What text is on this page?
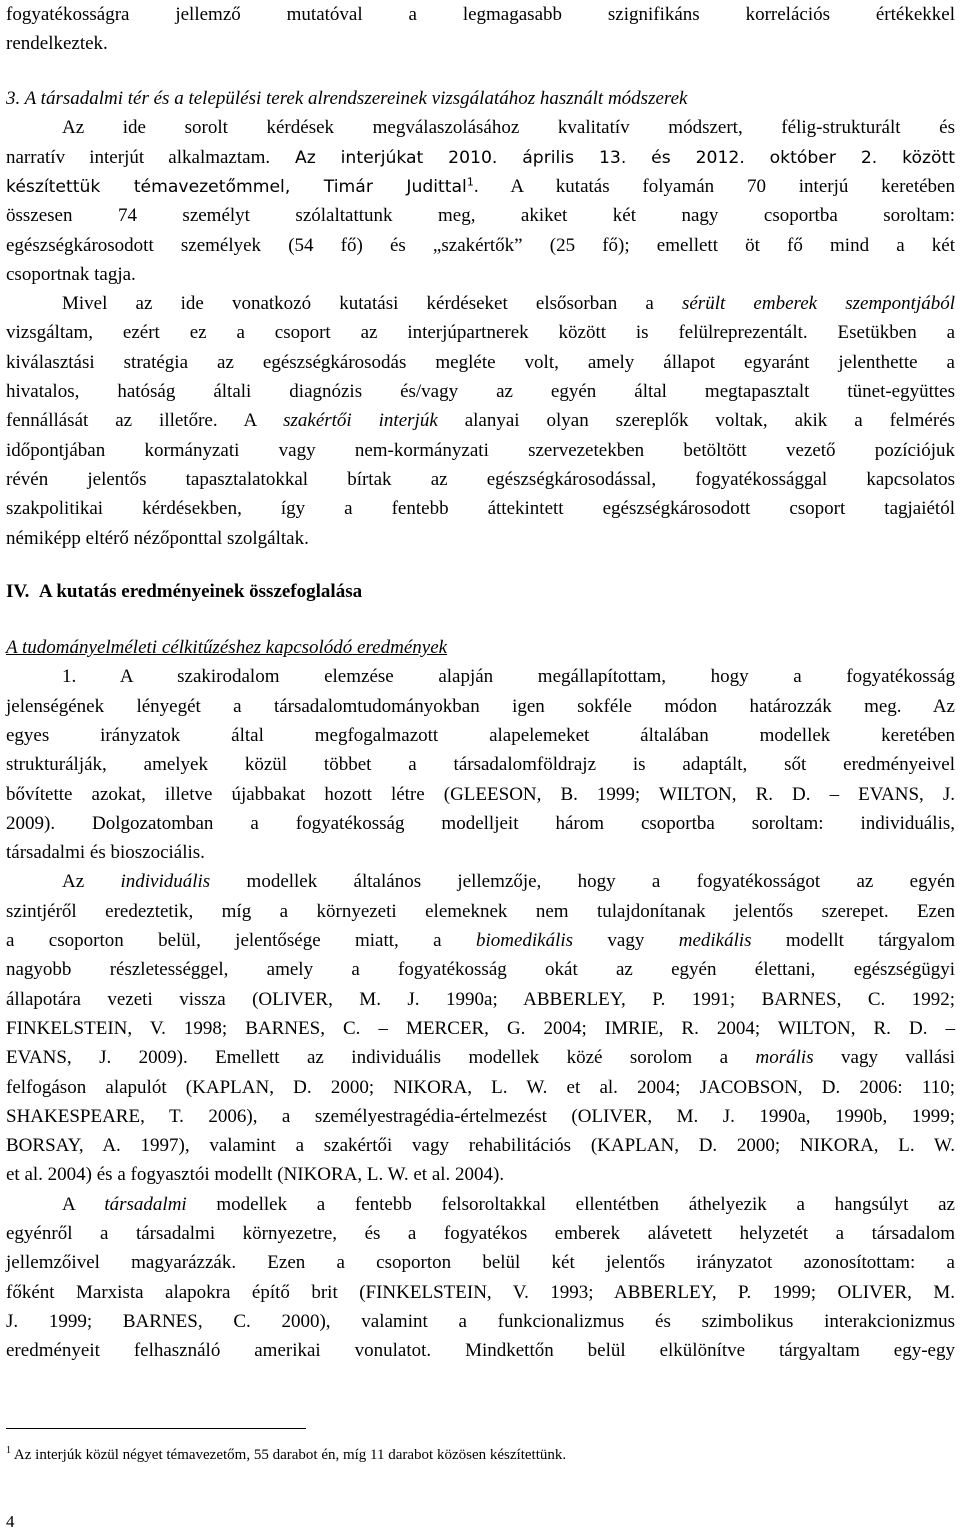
fogyatékosságra jellemző mutatóval a legmagasabb szignifikáns korrelációs értékekkel
rendelkeztek.
3. A társadalmi tér és a települési terek alrendszereinek vizsgálatához használt módszerek
Az ide sorolt kérdések megválaszolásához kvalitatív módszert, félig-strukturált és
narratív interjút alkalmaztam. Az interjúkat 2010. április 13. és 2012. október 2. között
készítettük témavezetőmmel, Timár Judittal$^1$. A kutatás folyamán 70 interjú keretében
összesen 74 személyt szólaltattunk meg, akiket két nagy csoportba soroltam:
egészségkárosodott személyek (54 fő) és „szakértők” (25 fő); emellett öt fő mind a két
csoportnak tagja.
Mivel az ide vonatkozó kutatási kérdéseket elsősorban a sérült emberek szempontjából
vizsgáltam, ezért ez a csoport az interjúpartnerek között is felülreprezentált. Esetükben a
kiválasztási stratégia az egészségkárosodás megléte volt, amely állapot egyaránt jelenthette a
hivatalos, hatóság általi diagnózis és/vagy az egyén által megtapasztalt tünet-együttes
fennállását az illetőre. A szakértői interjúk alanyai olyan szereplők voltak, akik a felmérés
időpontjában kormányzati vagy nem-kormányzati szervezetekben betöltött vezető pozíciójuk
révén jelentős tapasztalatokkal bírtak az egészségkárosodással, fogyatékossággal kapcsolatos
szakpolitikai kérdésekben, így a fentebb áttekintett egészségkárosodott csoport tagjaiétól
némiképp eltérő nézőponttal szolgáltak.
IV. A kutatás eredményeinek összefoglalása
A tudományelméleti célkitűzéshez kapcsolódó eredmények
1. A szakirodalom elemzése alapján megállapítottam, hogy a fogyatékosság
jelenségének lényegét a társadalomtudományokban igen sokféle módon határozzák meg. Az
egyes irányzatok által megfogalmazott alapelemeket általában modellek keretében
strukturálják, amelyek közül többet a társadalomföldrajz is adaptált, sőt eredményeivel
bővítette azokat, illetve újabbakat hozott létre (GLEESON, B. 1999; WILTON, R. D. – EVANS, J.
2009). Dolgozatomban a fogyatékosság modelljeit három csoportba soroltam: individuális,
társadalmi és bioszociális.
Az individuális modellek általános jellemzője, hogy a fogyatékosságot az egyén
szintjéről eredeztetik, míg a környezeti elemeknek nem tulajdonítanak jelentős szerepet. Ezen
a csoporton belül, jelentősége miatt, a biomedikális vagy medikális modellt tárgyalom
nagyobb részletességgel, amely a fogyatékosság okát az egyén élettani, egészségügyi
állapotára vezeti vissza (OLIVER, M. J. 1990a; ABBERLEY, P. 1991; BARNES, C. 1992;
FINKELSTEIN, V. 1998; BARNES, C. – MERCER, G. 2004; IMRIE, R. 2004; WILTON, R. D. –
EVANS, J. 2009). Emellett az individuális modellek közé sorolom a morális vagy vallási
felfogáson alapulót (KAPLAN, D. 2000; NIKORA, L. W. et al. 2004; JACOBSON, D. 2006: 110;
SHAKESPEARE, T. 2006), a személyestragédia-értelmezést (OLIVER, M. J. 1990a, 1990b, 1999;
BORSAY, A. 1997), valamint a szakértői vagy rehabilitációs (KAPLAN, D. 2000; NIKORA, L. W.
et al. 2004) és a fogyasztói modellt (NIKORA, L. W. et al. 2004).
A társadalmi modellek a fentebb felsoroltakkal ellentétben áthelyezik a hangsúlyt az
egyénről a társadalmi környezetre, és a fogyatékos emberek alávetett helyzetét a társadalom
jellemzőivel magyarázzák. Ezen a csoporton belül két jelentős irányzatot azonosítottam: a
főként Marxista alapokra építő brit (FINKELSTEIN, V. 1993; ABBERLEY, P. 1999; OLIVER, M.
J. 1999; BARNES, C. 2000), valamint a funkcionalizmus és szimbolikus interakcionizmus
eredményeit felhasználó amerikai vonulatot. Mindkettőn belül elkülönítve tárgyaltam egy-egy
$^1$ Az interjúk közül négyet témavezetőm, 55 darabot én, míg 11 darabot közösen készítettünk.
4
